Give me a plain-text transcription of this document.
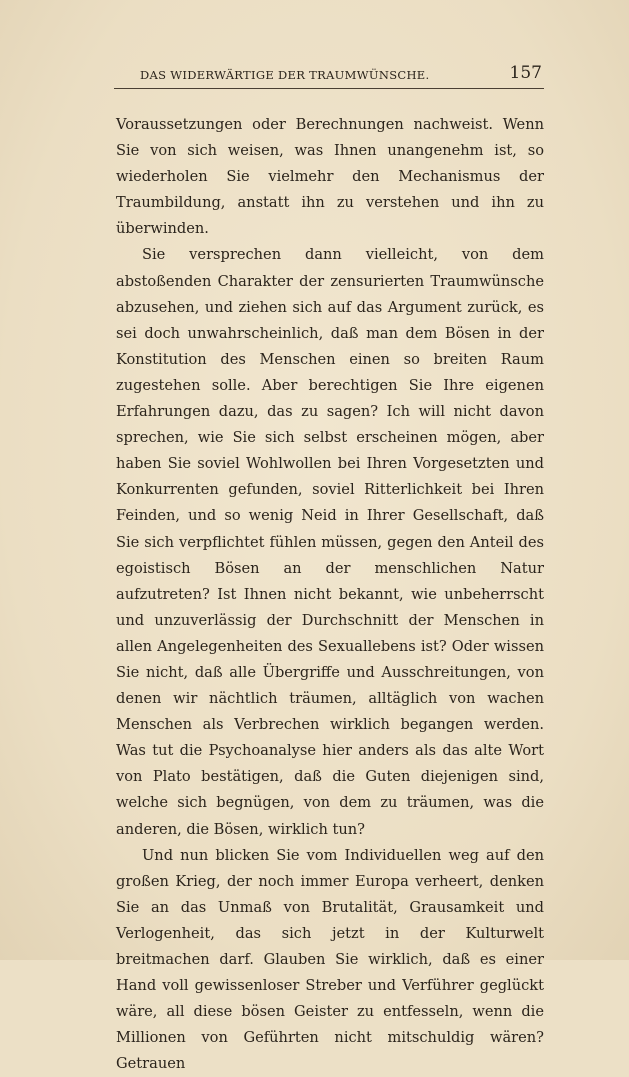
DAS WIDERWÄRTIGE DER TRAUMWÜNSCHE.	157

Voraussetzungen oder Berechnungen nachweist. Wenn Sie von sich weisen, was Ihnen unangenehm ist, so wiederholen Sie vielmehr den Mechanismus der Traumbildung, anstatt ihn zu verstehen und ihn zu überwinden.

Sie versprechen dann vielleicht, von dem abstoßenden Charakter der zensurierten Traumwünsche abzusehen, und ziehen sich auf das Argument zurück, es sei doch unwahrscheinlich, daß man dem Bösen in der Konstitution des Menschen einen so breiten Raum zugestehen solle. Aber berechtigen Sie Ihre eigenen Erfahrungen dazu, das zu sagen? Ich will nicht davon sprechen, wie Sie sich selbst erscheinen mögen, aber haben Sie soviel Wohlwollen bei Ihren Vorgesetzten und Konkurrenten gefunden, soviel Ritterlichkeit bei Ihren Feinden, und so wenig Neid in Ihrer Gesellschaft, daß Sie sich verpflichtet fühlen müssen, gegen den Anteil des egoistisch Bösen an der menschlichen Natur aufzutreten? Ist Ihnen nicht bekannt, wie unbeherrscht und unzuverlässig der Durchschnitt der Menschen in allen Angelegenheiten des Sexuallebens ist? Oder wissen Sie nicht, daß alle Übergriffe und Ausschreitungen, von denen wir nächtlich träumen, alltäglich von wachen Menschen als Verbrechen wirklich begangen werden. Was tut die Psychoanalyse hier anders als das alte Wort von Plato bestätigen, daß die Guten diejenigen sind, welche sich begnügen, von dem zu träumen, was die anderen, die Bösen, wirklich tun?

Und nun blicken Sie vom Individuellen weg auf den großen Krieg, der noch immer Europa verheert, denken Sie an das Unmaß von Brutalität, Grausamkeit und Verlogenheit, das sich jetzt in der Kulturwelt breitmachen darf. Glauben Sie wirklich, daß es einer Hand voll gewissenloser Streber und Verführer geglückt wäre, all diese bösen Geister zu entfesseln, wenn die Millionen von Geführten nicht mitschuldig wären? Getrauen
